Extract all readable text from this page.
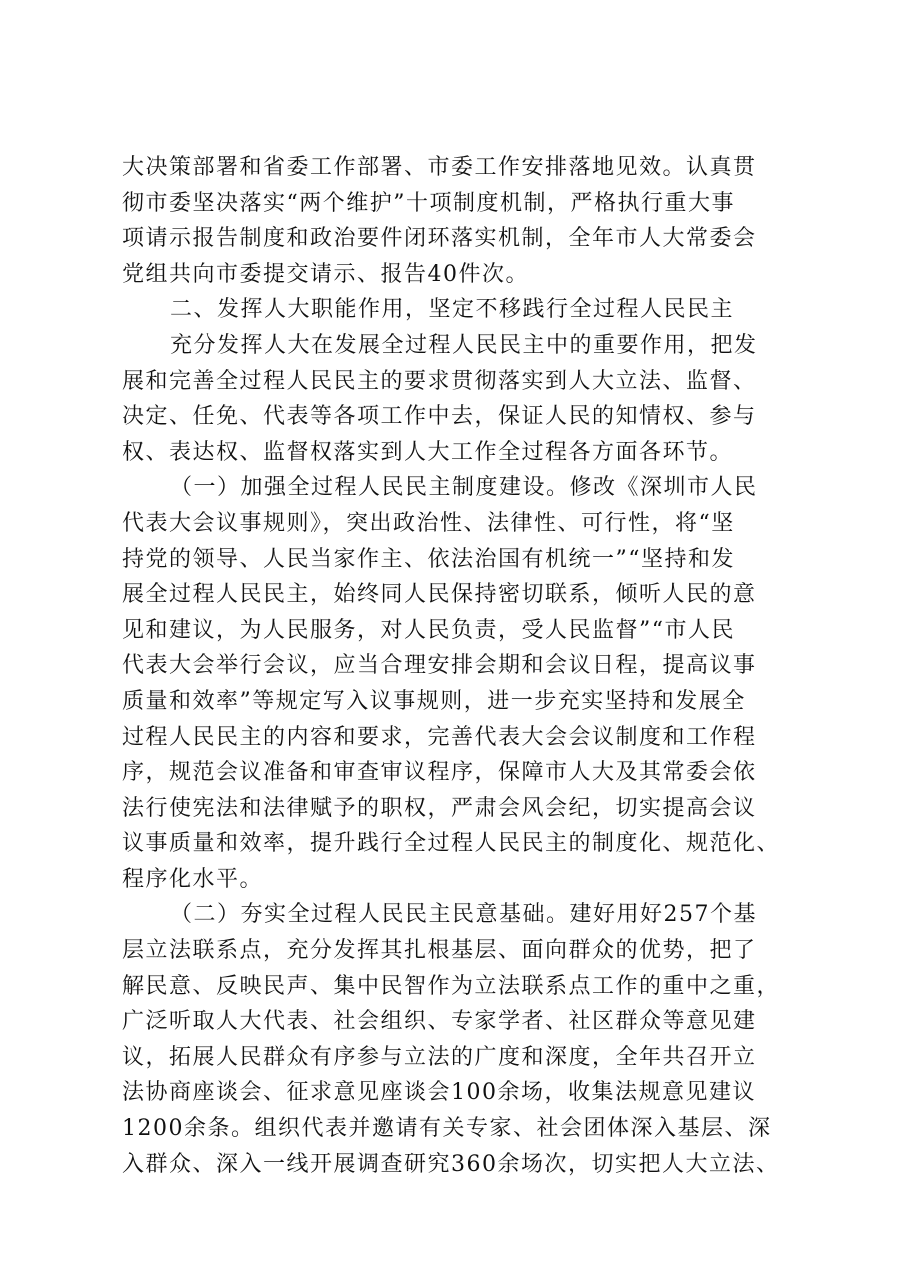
大决策部署和省委工作部署、市委工作安排落地见效。认真贯
彻市委坚决落实“两个维护”十项制度机制，严格执行重大事
项请示报告制度和政治要件闭环落实机制，全年市人大常委会
党组共向市委提交请示、报告40件次。
二、发挥人大职能作用，坚定不移践行全过程人民民主
充分发挥人大在发展全过程人民民主中的重要作用，把发
展和完善全过程人民民主的要求贯彻落实到人大立法、监督、
决定、任免、代表等各项工作中去，保证人民的知情权、参与
权、表达权、监督权落实到人大工作全过程各方面各环节。
（一）加强全过程人民民主制度建设。修改《深圳市人民
代表大会议事规则》，突出政治性、法律性、可行性，将“坚
持党的领导、人民当家作主、依法治国有机统一”“坚持和发
展全过程人民民主，始终同人民保持密切联系，倾听人民的意
见和建议，为人民服务，对人民负责，受人民监督”“市人民
代表大会举行会议，应当合理安排会期和会议日程，提高议事
质量和效率”等规定写入议事规则，进一步充实坚持和发展全
过程人民民主的内容和要求，完善代表大会会议制度和工作程
序，规范会议准备和审查审议程序，保障市人大及其常委会依
法行使宪法和法律赋予的职权，严肃会风会纪，切实提高会议
议事质量和效率，提升践行全过程人民民主的制度化、规范化、
程序化水平。
（二）夯实全过程人民民主民意基础。建好用好257个基
层立法联系点，充分发挥其扎根基层、面向群众的优势，把了
解民意、反映民声、集中民智作为立法联系点工作的重中之重，
广泛听取人大代表、社会组织、专家学者、社区群众等意见建
议，拓展人民群众有序参与立法的广度和深度，全年共召开立
法协商座谈会、征求意见座谈会100余场，收集法规意见建议
1200余条。组织代表并邀请有关专家、社会团体深入基层、深
入群众、深入一线开展调查研究360余场次，切实把人大立法、
